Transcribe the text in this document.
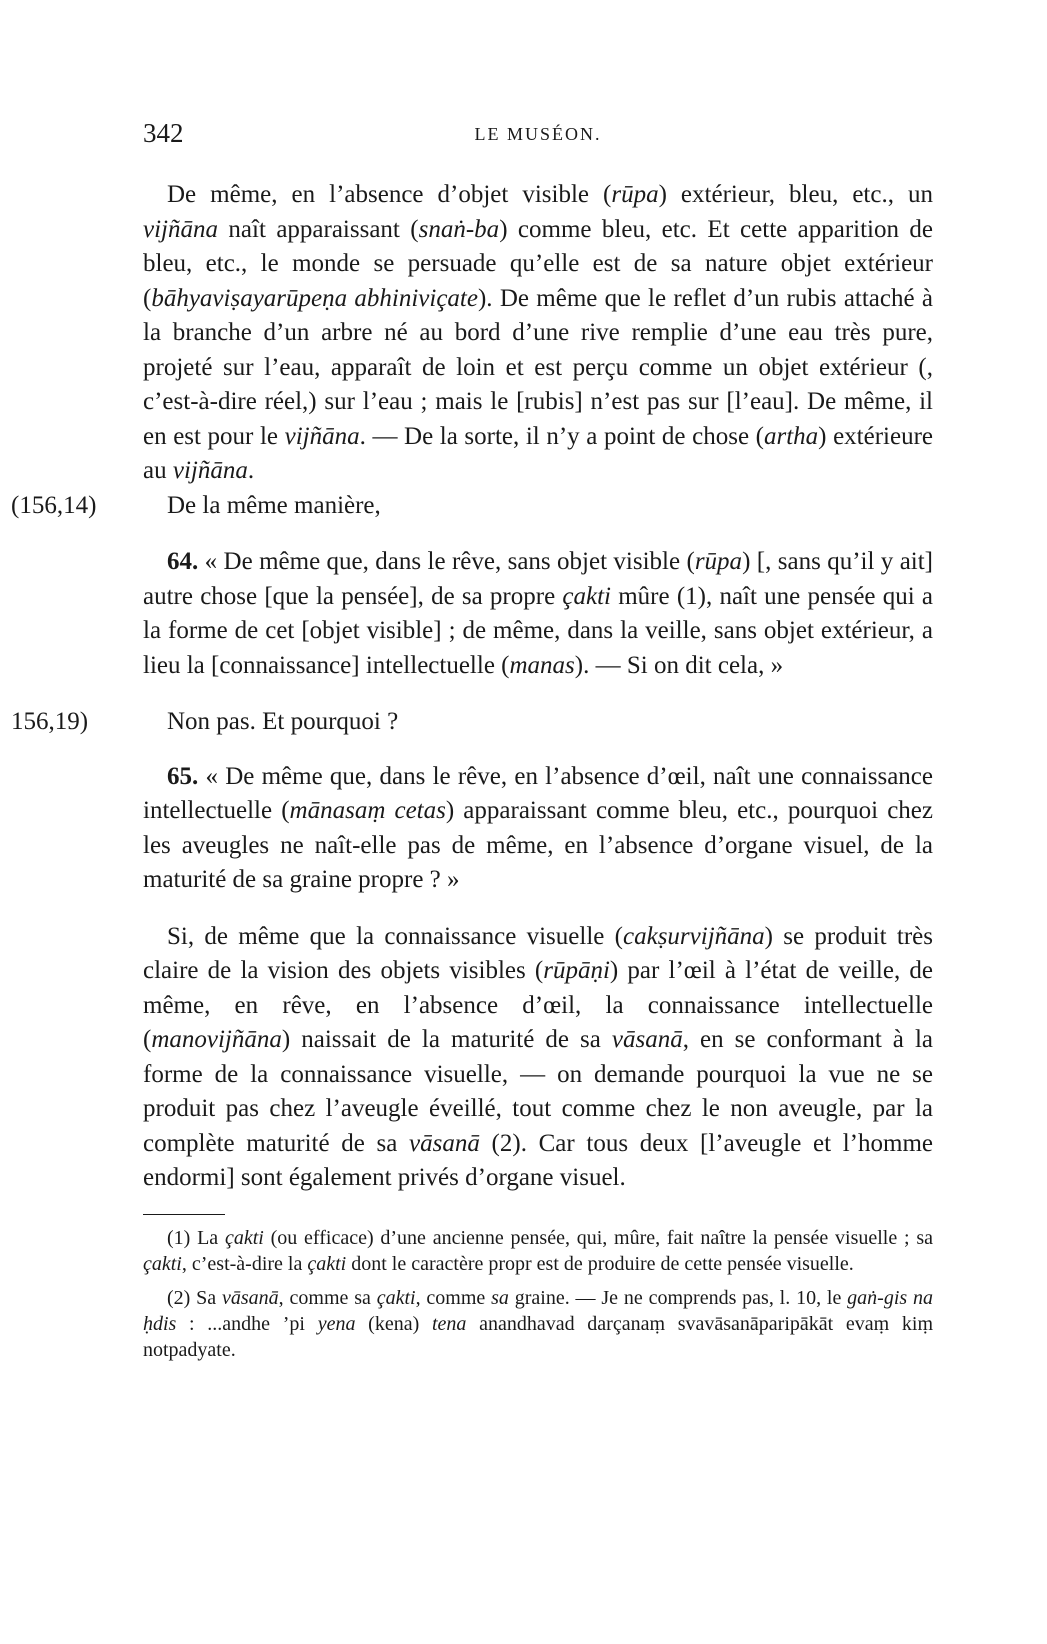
342	LE MUSÉON.

De même, en l’absence d’objet visible (rūpa) extérieur, bleu, etc., un vijñāna naît apparaissant (snaṅ-ba) comme bleu, etc. Et cette apparition de bleu, etc., le monde se persuade qu’elle est de sa nature objet extérieur (bāhyaviṣayarūpeṇa abhiniviçate). De même que le reflet d’un rubis attaché à la branche d’un arbre né au bord d’une rive remplie d’une eau très pure, projeté sur l’eau, apparaît de loin et est perçu comme un objet extérieur (, c’est-à-dire réel,) sur l’eau ; mais le [rubis] n’est pas sur [l’eau]. De même, il en est pour le vijñāna. — De la sorte, il n’y a point de chose (artha) extérieure au vijñāna.

(156,14)	De la même manière,

64. « De même que, dans le rêve, sans objet visible (rūpa) [, sans qu’il y ait] autre chose [que la pensée], de sa propre çakti mûre (1), naît une pensée qui a la forme de cet [objet visible] ; de même, dans la veille, sans objet extérieur, a lieu la [connaissance] intellectuelle (manas). — Si on dit cela, »

156,19)	Non pas. Et pourquoi ?

65. « De même que, dans le rêve, en l’absence d’œil, naît une connaissance intellectuelle (mānasaṃ cetas) apparaissant comme bleu, etc., pourquoi chez les aveugles ne naît-elle pas de même, en l’absence d’organe visuel, de la maturité de sa graine propre ? »

Si, de même que la connaissance visuelle (cakṣurvijñāna) se produit très claire de la vision des objets visibles (rūpāṇi) par l’œil à l’état de veille, de même, en rêve, en l’absence d’œil, la connaissance intellectuelle (manovijñāna) naissait de la maturité de sa vāsanā, en se conformant à la forme de la connaissance visuelle, — on demande pourquoi la vue ne se produit pas chez l’aveugle éveillé, tout comme chez le non aveugle, par la complète maturité de sa vāsanā (2). Car tous deux [l’aveugle et l’homme endormi] sont également privés d’organe visuel.

(1) La çakti (ou efficace) d’une ancienne pensée, qui, mûre, fait naître la pensée visuelle ; sa çakti, c’est-à-dire la çakti dont le caractère propr est de produire de cette pensée visuelle.

(2) Sa vāsanā, comme sa çakti, comme sa graine. — Je ne comprends pas, l. 10, le gaṅ-gis na ḥdis : ...andhe ’pi yena (kena) tena anandhavad darçanaṃ svavāsanāparipākāt evaṃ kiṃ notpadyate.
